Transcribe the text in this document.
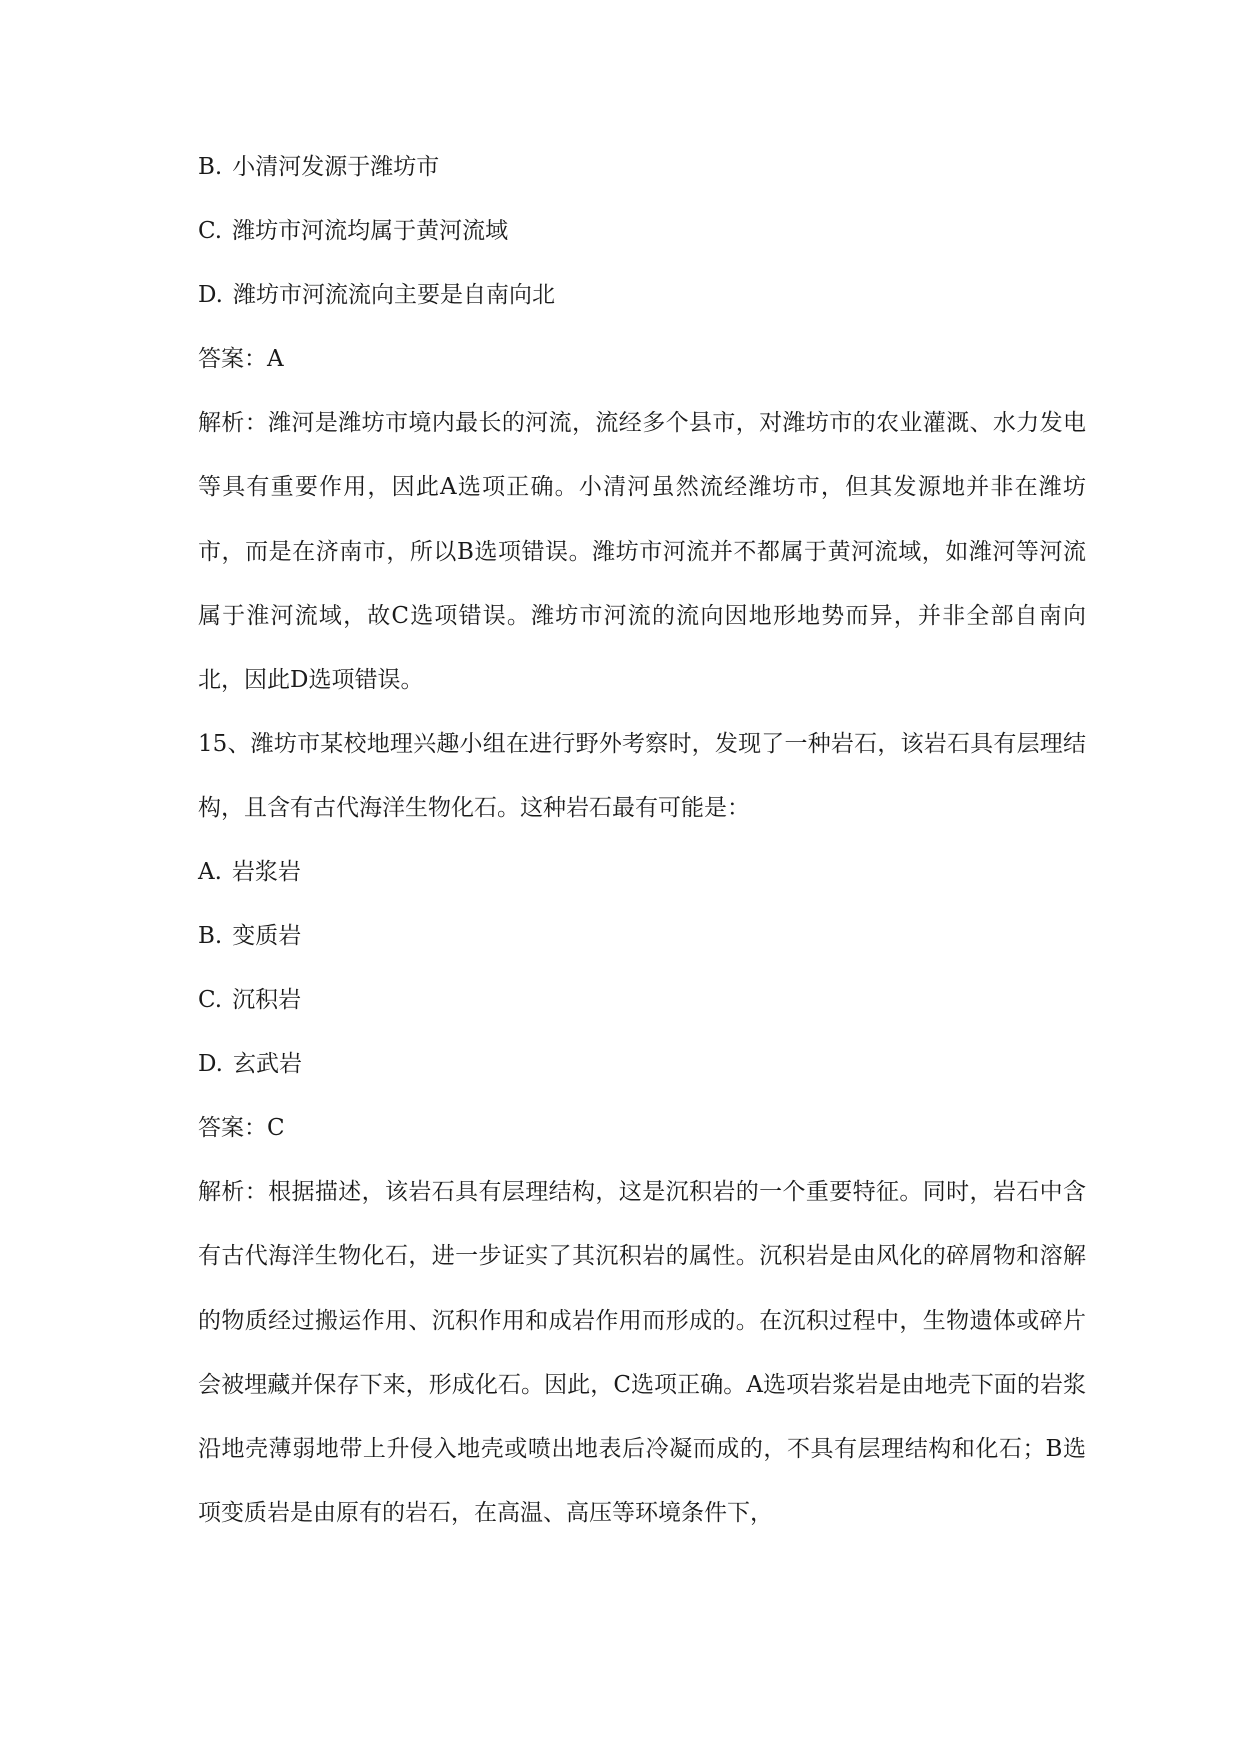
B. 小清河发源于潍坊市
C. 潍坊市河流均属于黄河流域
D. 潍坊市河流流向主要是自南向北
答案：A
解析：潍河是潍坊市境内最长的河流，流经多个县市，对潍坊市的农业灌溉、水力发电等具有重要作用，因此A选项正确。小清河虽然流经潍坊市，但其发源地并非在潍坊市，而是在济南市，所以B选项错误。潍坊市河流并不都属于黄河流域，如潍河等河流属于淮河流域，故C选项错误。潍坊市河流的流向因地形地势而异，并非全部自南向北，因此D选项错误。
15、潍坊市某校地理兴趣小组在进行野外考察时，发现了一种岩石，该岩石具有层理结构，且含有古代海洋生物化石。这种岩石最有可能是：
A. 岩浆岩
B. 变质岩
C. 沉积岩
D. 玄武岩
答案：C
解析：根据描述，该岩石具有层理结构，这是沉积岩的一个重要特征。同时，岩石中含有古代海洋生物化石，进一步证实了其沉积岩的属性。沉积岩是由风化的碎屑物和溶解的物质经过搬运作用、沉积作用和成岩作用而形成的。在沉积过程中，生物遗体或碎片会被埋藏并保存下来，形成化石。因此，C选项正确。A选项岩浆岩是由地壳下面的岩浆沿地壳薄弱地带上升侵入地壳或喷出地表后冷凝而成的，不具有层理结构和化石；B选项变质岩是由原有的岩石，在高温、高压等环境条件下，
